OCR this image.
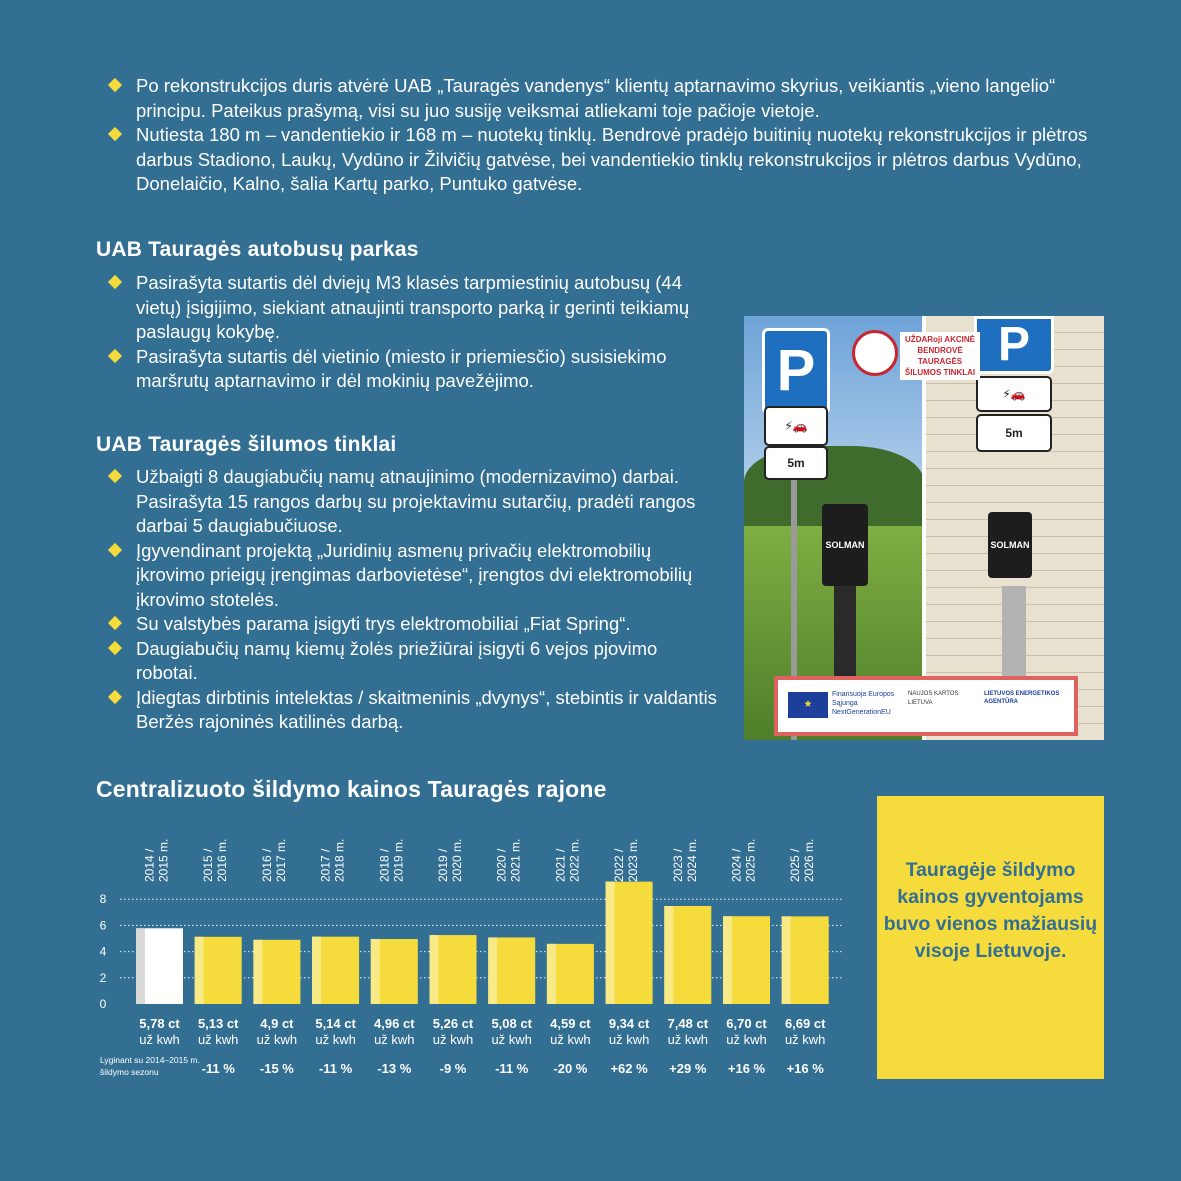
Po rekonstrukcijos duris atvėrė UAB „Tauragės vandenys“ klientų aptarnavimo skyrius, veikiantis „vieno langelio“ principu. Pateikus prašymą, visi su juo susiję veiksmai atliekami toje pačioje vietoje.
Nutiesta 180 m – vandentiekio ir 168 m – nuotekų tinklų. Bendrovė pradėjo buitinių nuotekų rekonstrukcijos ir plėtros darbus Stadiono, Laukų, Vydūno ir Žilvičių gatvėse, bei vandentiekio tinklų rekonstrukcijos ir plėtros darbus Vydūno, Donelaičio, Kalno, šalia Kartų parko, Puntuko gatvėse.
UAB Tauragės autobusų parkas
Pasirašyta sutartis dėl dviejų M3 klasės tarpmiestinių autobusų (44 vietų) įsigijimo, siekiant atnaujinti transporto parką ir gerinti teikiamų paslaugų kokybę.
Pasirašyta sutartis dėl vietinio (miesto ir priemiesčio) susisiekimo maršrutų aptarnavimo ir dėl mokinių pavežėjimo.
UAB Tauragės šilumos tinklai
Užbaigti 8 daugiabučių namų atnaujinimo (modernizavimo) darbai. Pasirašyta 15 rangos darbų su projektavimu sutarčių, pradėti rangos darbai 5 daugiabučiuose.
Įgyvendinant projektą „Juridinių asmenų privačių elektromobilių įkrovimo prieigų įrengimas darbovietėse“, įrengtos dvi elektromobilių įkrovimo stotelės.
Su valstybės parama įsigyti trys elektromobiliai „Fiat Spring“.
Daugiabučių namų kiemų žolės priežiūrai įsigyti 6 vejos pjovimo robotai.
Įdiegtas dirbtinis intelektas / skaitmeninis „dvynys“, stebintis ir valdantis Beržės rajoninės katilinės darbą.
P
⚡🚗
5m
P
⚡🚗
5m
SOLMAN	SOLMAN
UŽDARoji AKCINĖ BENDROVĖ TAURAGĖS ŠILUMOS TINKLAI
★
Finansuoja Europos Sąjunga NextGenerationEU
NAUJOS KARTOS LIETUVA
LIETUVOS ENERGETIKOS AGENTŪRA
Centralizuoto šildymo kainos Tauragės rajone
0
2
4
6
8
2014 /2015 m.
5,78 ct
už kwh
2015 /2016 m.
5,13 ct
už kwh
-11 %
2016 /2017 m.
4,9 ct
už kwh
-15 %
2017 /2018 m.
5,14 ct
už kwh
-11 %
2018 /2019 m.
4,96 ct
už kwh
-13 %
2019 /2020 m.
5,26 ct
už kwh
-9 %
2020 /2021 m.
5,08 ct
už kwh
-11 %
2021 /2022 m.
4,59 ct
už kwh
-20 %
2022 /2023 m.
9,34 ct
už kwh
+62 %
2023 /2024 m.
7,48 ct
už kwh
+29 %
2024 /2025 m.
6,70 ct
už kwh
+16 %
2025 /2026 m.
6,69 ct
už kwh
+16 %
Lyginant su 2014–2015 m. šildymo sezonu

Tauragėje šildymo kainos gyventojams buvo vienos mažiausių visoje Lietuvoje.
